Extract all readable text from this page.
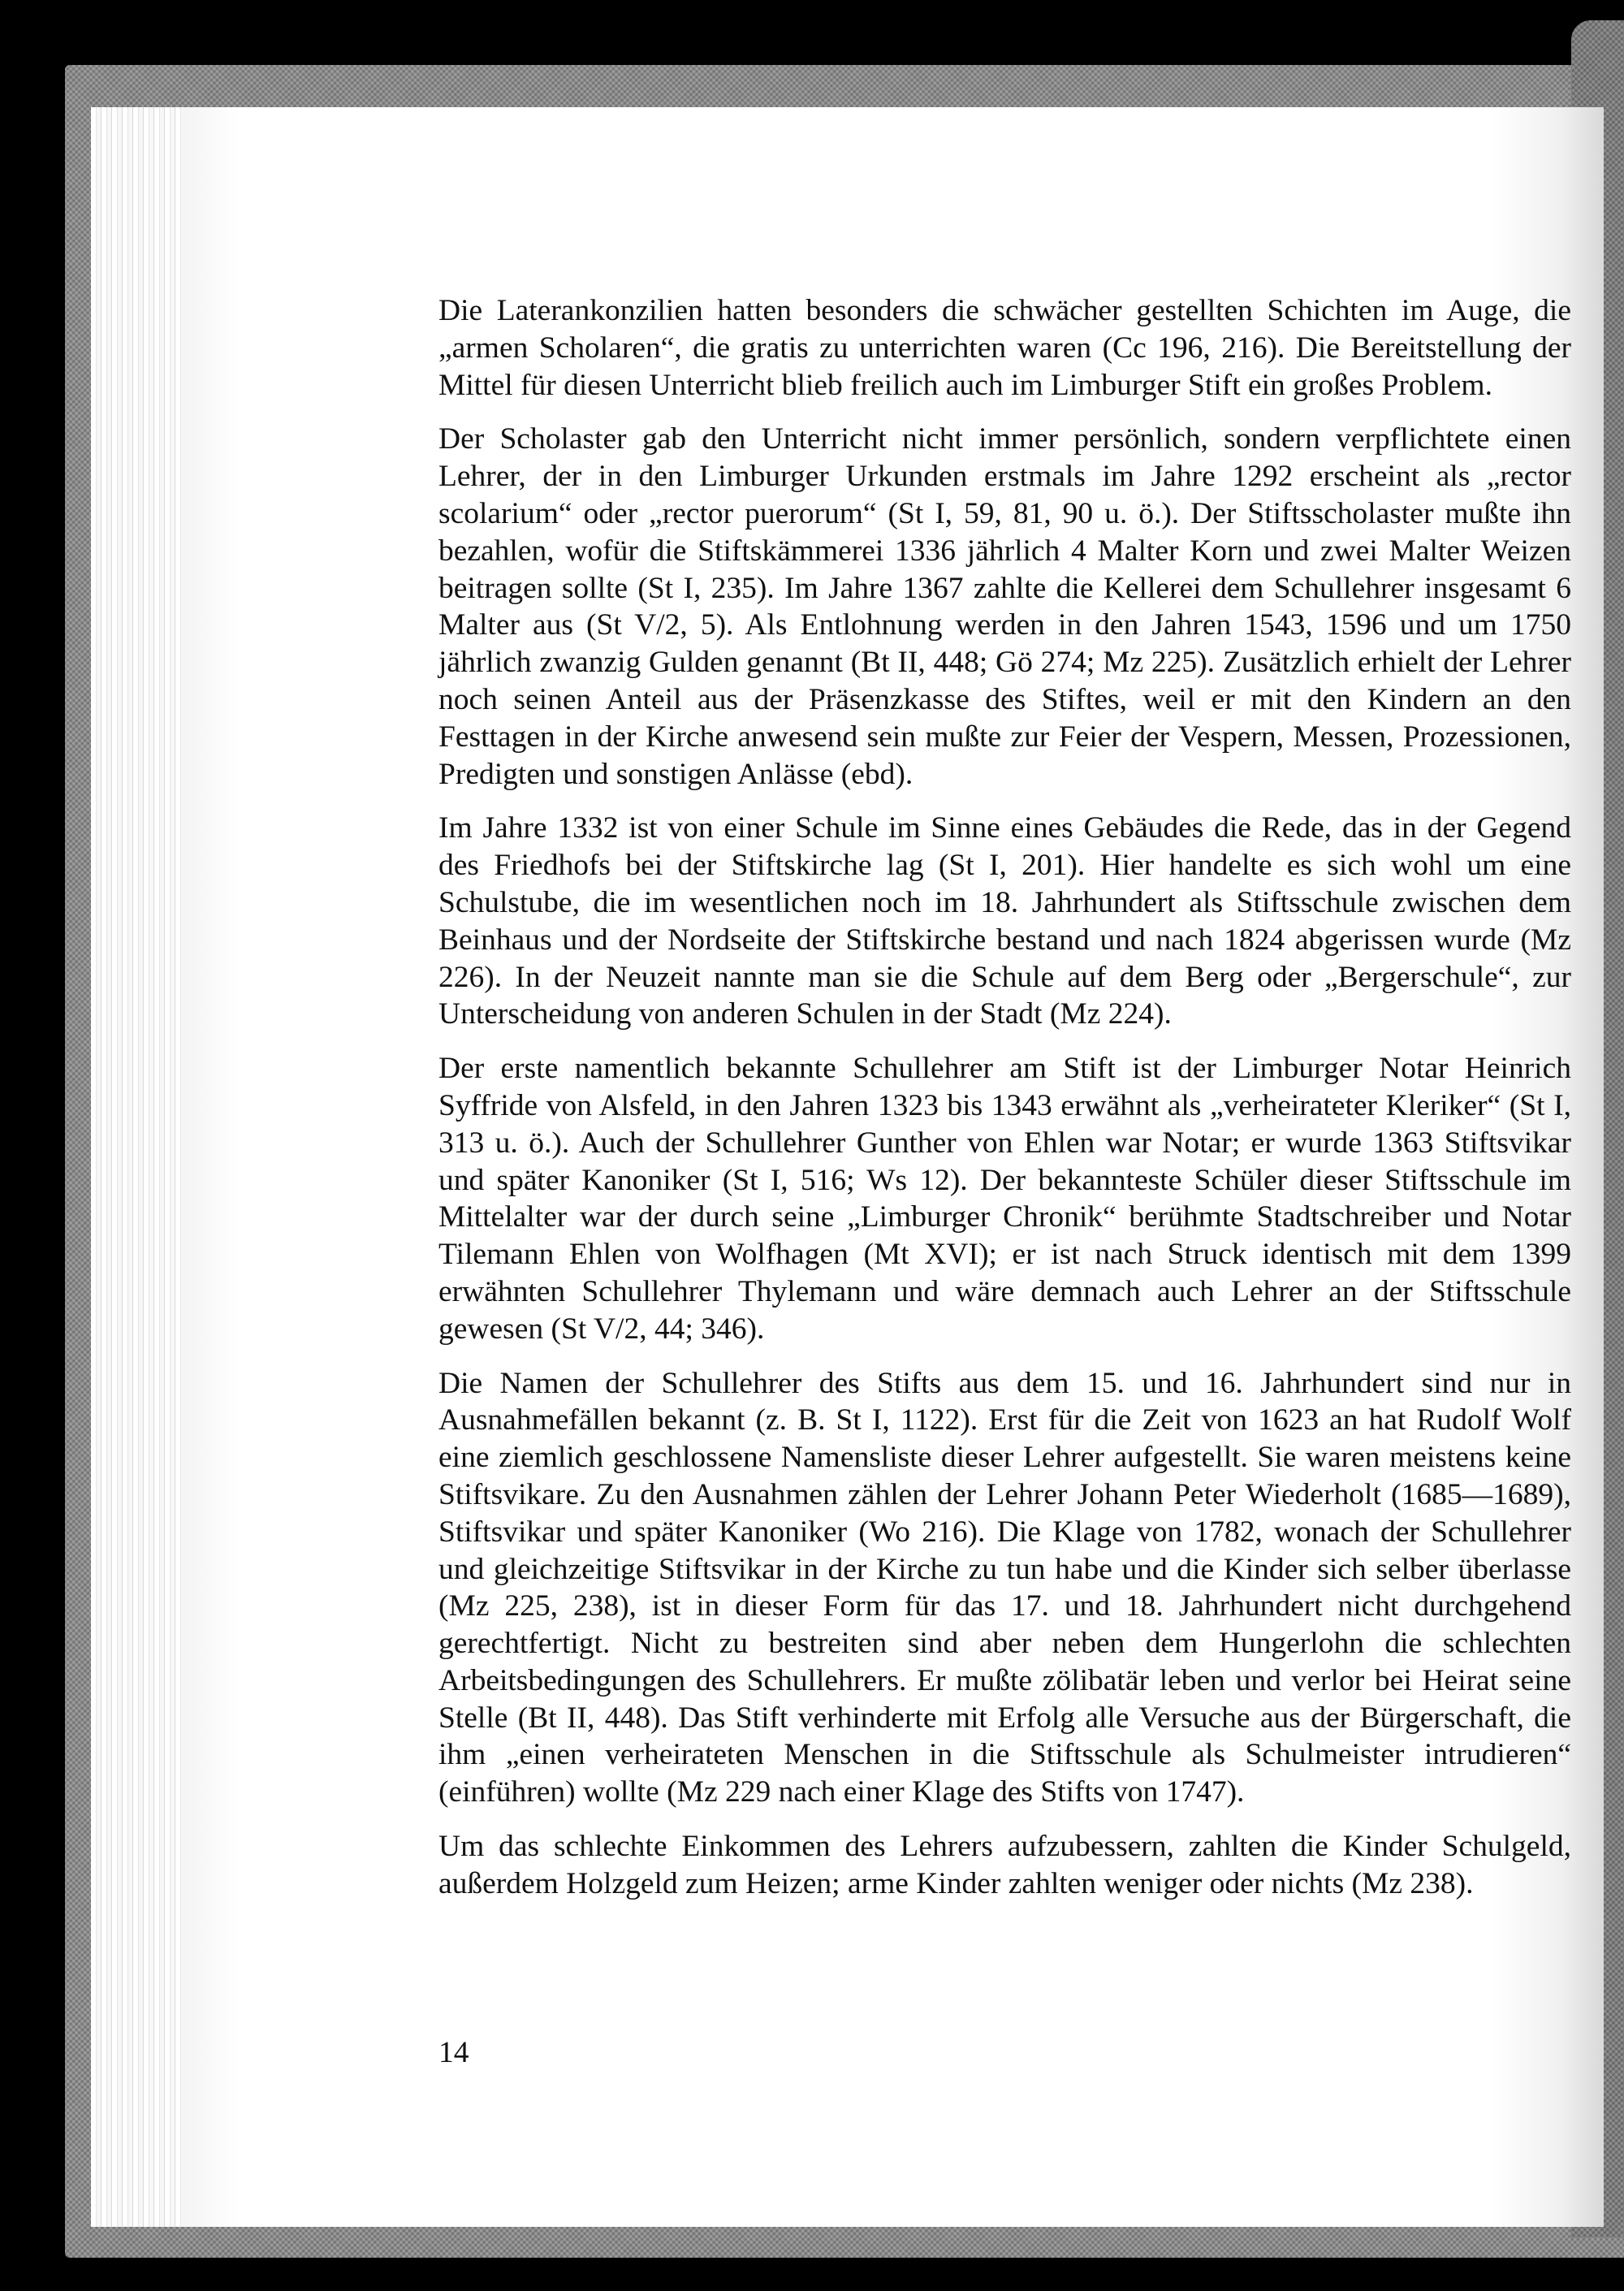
Die Laterankonzilien hatten besonders die schwächer gestellten Schichten im Auge, die „armen Scholaren“, die gratis zu unterrichten waren (Cc 196, 216). Die Bereitstellung der Mittel für diesen Unterricht blieb freilich auch im Limburger Stift ein großes Problem.

Der Scholaster gab den Unterricht nicht immer persönlich, sondern verpflichtete einen Lehrer, der in den Limburger Urkunden erstmals im Jahre 1292 erscheint als „rector scolarium“ oder „rector puerorum“ (St I, 59, 81, 90 u. ö.). Der Stiftsscholaster mußte ihn bezahlen, wofür die Stiftskämmerei 1336 jährlich 4 Malter Korn und zwei Malter Weizen beitragen sollte (St I, 235). Im Jahre 1367 zahlte die Kellerei dem Schullehrer insgesamt 6 Malter aus (St V/2, 5). Als Entlohnung werden in den Jahren 1543, 1596 und um 1750 jährlich zwanzig Gulden genannt (Bt II, 448; Gö 274; Mz 225). Zusätzlich erhielt der Lehrer noch seinen Anteil aus der Präsenzkasse des Stiftes, weil er mit den Kindern an den Festtagen in der Kirche anwesend sein mußte zur Feier der Vespern, Messen, Prozessionen, Predigten und sonstigen Anlässe (ebd).

Im Jahre 1332 ist von einer Schule im Sinne eines Gebäudes die Rede, das in der Gegend des Friedhofs bei der Stiftskirche lag (St I, 201). Hier handelte es sich wohl um eine Schulstube, die im wesentlichen noch im 18. Jahrhundert als Stiftsschule zwischen dem Beinhaus und der Nordseite der Stiftskirche bestand und nach 1824 abgerissen wurde (Mz 226). In der Neuzeit nannte man sie die Schule auf dem Berg oder „Bergerschule“, zur Unterscheidung von anderen Schulen in der Stadt (Mz 224).

Der erste namentlich bekannte Schullehrer am Stift ist der Limburger Notar Heinrich Syffride von Alsfeld, in den Jahren 1323 bis 1343 erwähnt als „verheirateter Kleriker“ (St I, 313 u. ö.). Auch der Schullehrer Gunther von Ehlen war Notar; er wurde 1363 Stiftsvikar und später Kanoniker (St I, 516; Ws 12). Der bekannteste Schüler dieser Stiftsschule im Mittelalter war der durch seine „Limburger Chronik“ berühmte Stadtschreiber und Notar Tilemann Ehlen von Wolfhagen (Mt XVI); er ist nach Struck identisch mit dem 1399 erwähnten Schullehrer Thylemann und wäre demnach auch Lehrer an der Stiftsschule gewesen (St V/2, 44; 346).

Die Namen der Schullehrer des Stifts aus dem 15. und 16. Jahrhundert sind nur in Ausnahmefällen bekannt (z. B. St I, 1122). Erst für die Zeit von 1623 an hat Rudolf Wolf eine ziemlich geschlossene Namensliste dieser Lehrer aufgestellt. Sie waren meistens keine Stiftsvikare. Zu den Ausnahmen zählen der Lehrer Johann Peter Wiederholt (1685—1689), Stiftsvikar und später Kanoniker (Wo 216). Die Klage von 1782, wonach der Schullehrer und gleichzeitige Stiftsvikar in der Kirche zu tun habe und die Kinder sich selber überlasse (Mz 225, 238), ist in dieser Form für das 17. und 18. Jahrhundert nicht durchgehend gerechtfertigt. Nicht zu bestreiten sind aber neben dem Hungerlohn die schlechten Arbeitsbedingungen des Schullehrers. Er mußte zölibatär leben und verlor bei Heirat seine Stelle (Bt II, 448). Das Stift verhinderte mit Erfolg alle Versuche aus der Bürgerschaft, die ihm „einen verheirateten Menschen in die Stiftsschule als Schulmeister intrudieren“ (einführen) wollte (Mz 229 nach einer Klage des Stifts von 1747).

Um das schlechte Einkommen des Lehrers aufzubessern, zahlten die Kinder Schulgeld, außerdem Holzgeld zum Heizen; arme Kinder zahlten weniger oder nichts (Mz 238).

14
